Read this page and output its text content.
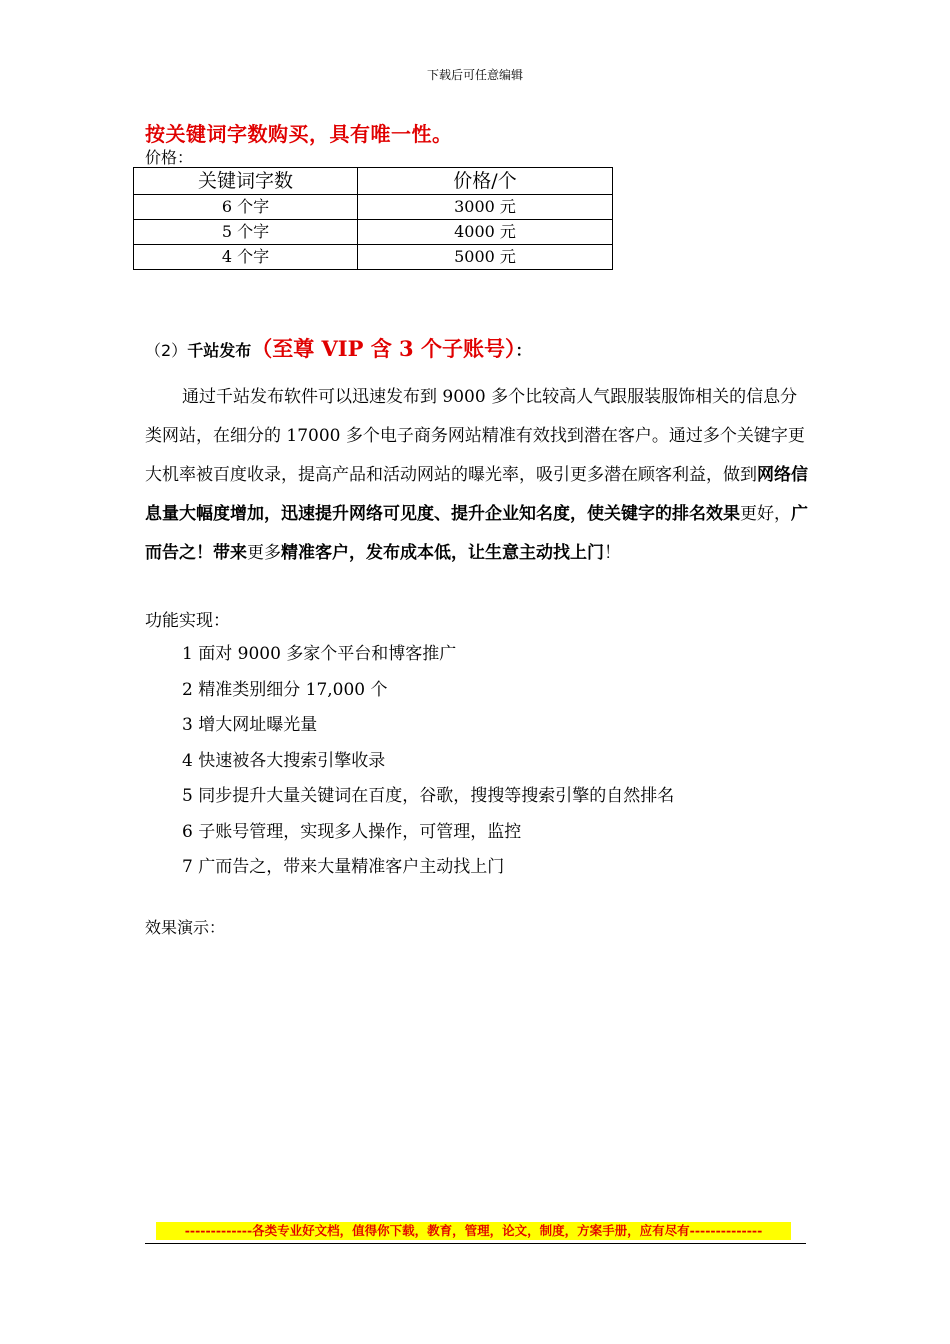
下载后可任意编辑
按关键词字数购买，具有唯一性。
价格：
关键词字数	价格/个
6 个字	3000 元
5 个字	4000 元
4 个字	5000 元
（2）千站发布（至尊 VIP 含 3 个子账号）：
通过千站发布软件可以迅速发布到 9000 多个比较高人气跟服装服饰相关的信息分类网站，在细分的 17000 多个电子商务网站精准有效找到潜在客户。通过多个关键字更大机率被百度收录，提高产品和活动网站的曝光率，吸引更多潜在顾客利益，做到网络信息量大幅度增加，迅速提升网络可见度、提升企业知名度，使关键字的排名效果更好，广而告之！带来更多精准客户，发布成本低，让生意主动找上门！
功能实现：
1 面对 9000 多家个平台和博客推广
2 精准类别细分 17,000 个
3 增大网址曝光量
4 快速被各大搜索引擎收录
5 同步提升大量关键词在百度，谷歌，搜搜等搜索引擎的自然排名
6 子账号管理，实现多人操作，可管理，监控
7 广而告之，带来大量精准客户主动找上门
效果演示：
-------------各类专业好文档，值得你下载，教育，管理，论文，制度，方案手册，应有尽有--------------
